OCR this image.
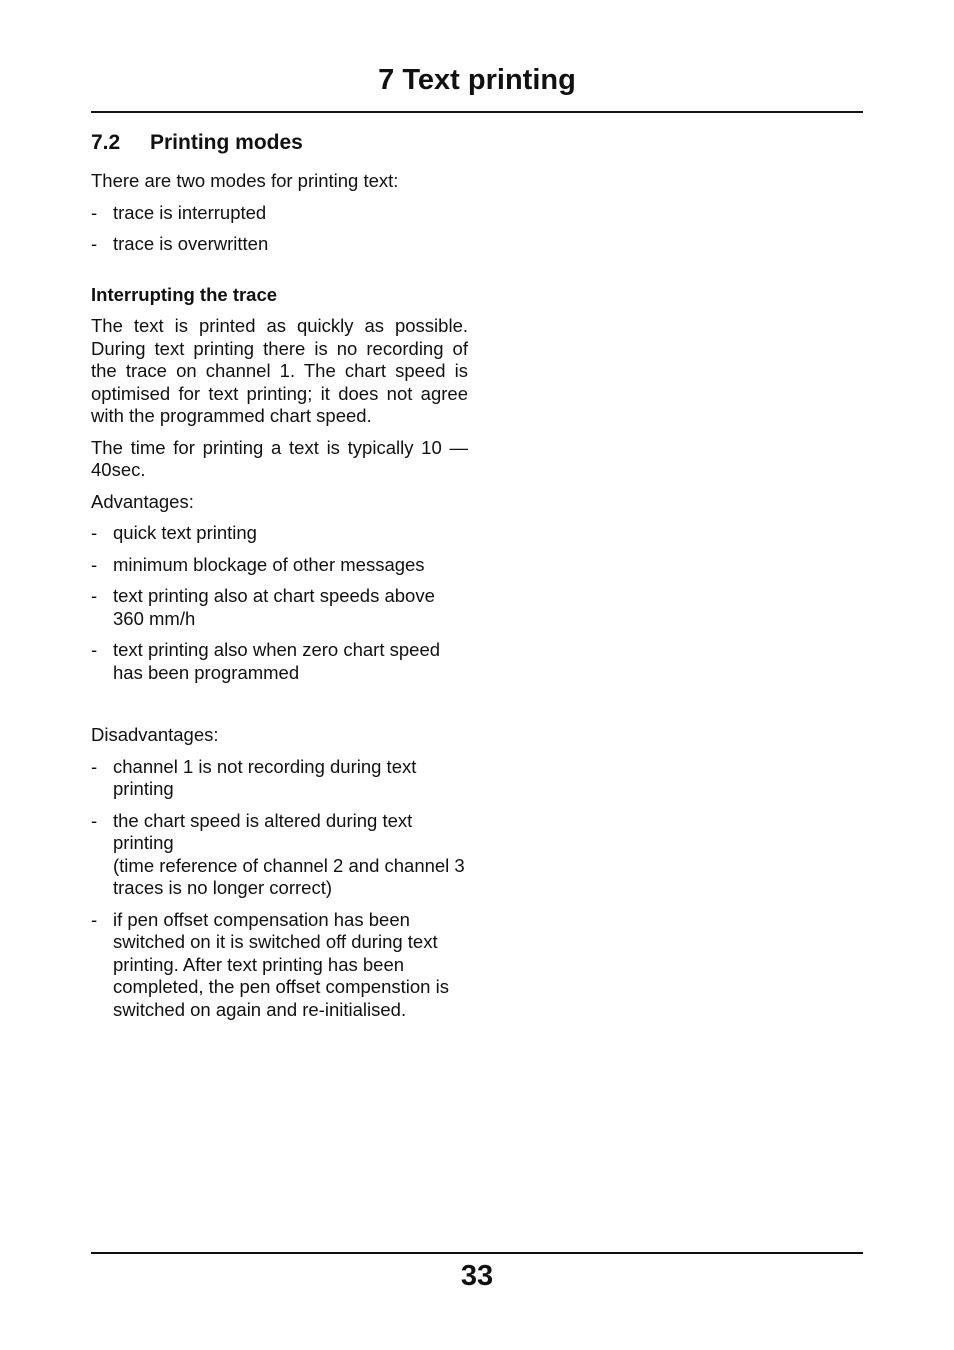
7 Text printing
7.2 Printing modes

There are two modes for printing text:

- trace is interrupted
- trace is overwritten
Interrupting the trace

The text is printed as quickly as possible. During text printing there is no recording of the trace on channel 1. The chart speed is optimised for text printing; it does not agree with the programmed chart speed.

The time for printing a text is typically 10 — 40sec.

Advantages:

- quick text printing
- minimum blockage of other messages
- text printing also at chart speeds above 360 mm/h
- text printing also when zero chart speed has been programmed

Disadvantages:

- channel 1 is not recording during text printing
- the chart speed is altered during text printing
(time reference of channel 2 and channel 3 traces is no longer correct)
- if pen offset compensation has been switched on it is switched off during text printing. After text printing has been completed, the pen offset compenstion is switched on again and re-initialised.
33
